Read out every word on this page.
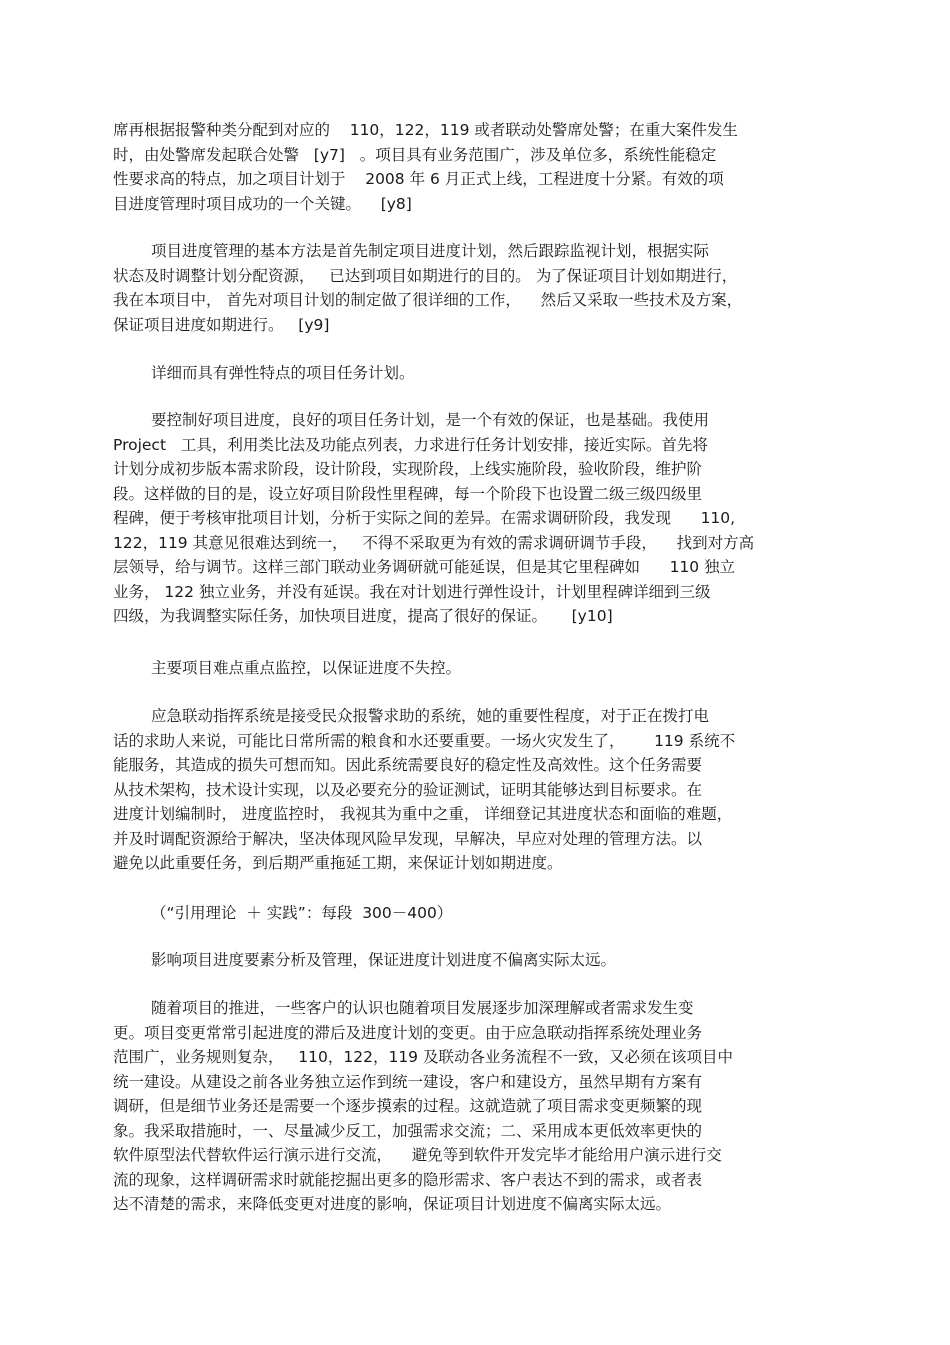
席再根据报警种类分配到对应的    110，122，119 或者联动处警席处警；在重大案件发生
时，由处警席发起联合处警   [y7]   。项目具有业务范围广，涉及单位多，系统性能稳定
性要求高的特点，加之项目计划于    2008 年 6 月正式上线，工程进度十分紧。有效的项
目进度管理时项目成功的一个关键。    [y8]
项目进度管理的基本方法是首先制定项目进度计划，然后跟踪监视计划，根据实际
状态及时调整计划分配资源，   已达到项目如期进行的目的。 为了保证项目计划如期进行，
我在本项目中， 首先对项目计划的制定做了很详细的工作，    然后又采取一些技术及方案，
保证项目进度如期进行。   [y9]
详细而具有弹性特点的项目任务计划。
要控制好项目进度，良好的项目任务计划，是一个有效的保证，也是基础。我使用
Project   工具，利用类比法及功能点列表，力求进行任务计划安排，接近实际。首先将
计划分成初步版本需求阶段，设计阶段，实现阶段，上线实施阶段，验收阶段，维护阶
段。这样做的目的是，设立好项目阶段性里程碑，每一个阶段下也设置二级三级四级里
程碑，便于考核审批项目计划，分析于实际之间的差异。在需求调研阶段，我发现      110,
122，119 其意见很难达到统一，   不得不采取更为有效的需求调研调节手段，    找到对方高
层领导，给与调节。这样三部门联动业务调研就可能延误，但是其它里程碑如      110 独立
业务， 122 独立业务，并没有延误。我在对计划进行弹性设计，计划里程碑详细到三级
四级，为我调整实际任务，加快项目进度，提高了很好的保证。     [y10]
主要项目难点重点监控，以保证进度不失控。
应急联动指挥系统是接受民众报警求助的系统，她的重要性程度，对于正在拨打电
话的求助人来说，可能比日常所需的粮食和水还要重要。一场火灾发生了，      119 系统不
能服务，其造成的损失可想而知。因此系统需要良好的稳定性及高效性。这个任务需要
从技术架构，技术设计实现，以及必要充分的验证测试，证明其能够达到目标要求。在
进度计划编制时， 进度监控时， 我视其为重中之重， 详细登记其进度状态和面临的难题，
并及时调配资源给于解决，坚决体现风险早发现，早解决，早应对处理的管理方法。以
避免以此重要任务，到后期严重拖延工期，来保证计划如期进度。
（“引用理论  ＋ 实践”：每段  300－400）
影响项目进度要素分析及管理，保证进度计划进度不偏离实际太远。
随着项目的推进，一些客户的认识也随着项目发展逐步加深理解或者需求发生变
更。项目变更常常引起进度的滞后及进度计划的变更。由于应急联动指挥系统处理业务
范围广，业务规则复杂，   110，122，119 及联动各业务流程不一致，又必须在该项目中
统一建设。从建设之前各业务独立运作到统一建设，客户和建设方，虽然早期有方案有
调研，但是细节业务还是需要一个逐步摸索的过程。这就造就了项目需求变更频繁的现
象。我采取措施时，一、尽量减少反工，加强需求交流；二、采用成本更低效率更快的
软件原型法代替软件运行演示进行交流，    避免等到软件开发完毕才能给用户演示进行交
流的现象，这样调研需求时就能挖掘出更多的隐形需求、客户表达不到的需求，或者表
达不清楚的需求，来降低变更对进度的影响，保证项目计划进度不偏离实际太远。
